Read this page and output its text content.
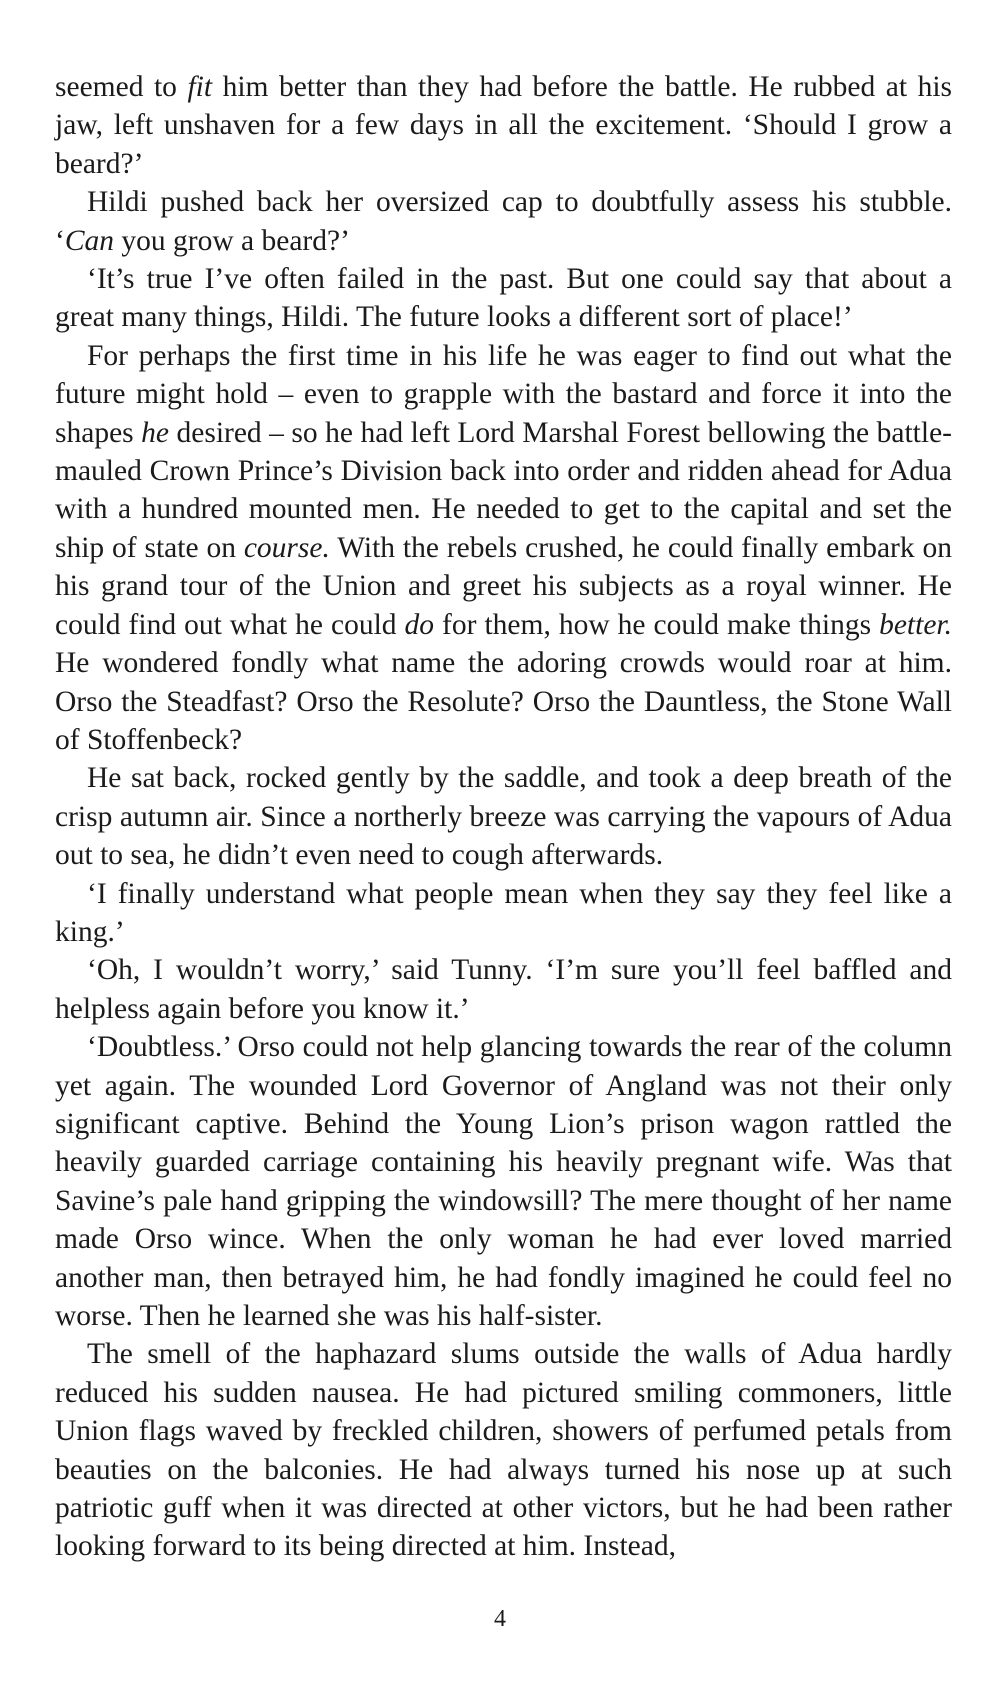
seemed to fit him better than they had before the battle. He rubbed at his jaw, left unshaven for a few days in all the excitement. ‘Should I grow a beard?’

Hildi pushed back her oversized cap to doubtfully assess his stubble. ‘Can you grow a beard?’

‘It’s true I’ve often failed in the past. But one could say that about a great many things, Hildi. The future looks a different sort of place!’

For perhaps the first time in his life he was eager to find out what the future might hold – even to grapple with the bastard and force it into the shapes he desired – so he had left Lord Marshal Forest bellowing the battle-mauled Crown Prince’s Division back into order and ridden ahead for Adua with a hundred mounted men. He needed to get to the capital and set the ship of state on course. With the rebels crushed, he could finally embark on his grand tour of the Union and greet his subjects as a royal winner. He could find out what he could do for them, how he could make things better. He wondered fondly what name the adoring crowds would roar at him. Orso the Steadfast? Orso the Resolute? Orso the Dauntless, the Stone Wall of Stoffenbeck?

He sat back, rocked gently by the saddle, and took a deep breath of the crisp autumn air. Since a northerly breeze was carrying the vapours of Adua out to sea, he didn’t even need to cough afterwards.

‘I finally understand what people mean when they say they feel like a king.’

‘Oh, I wouldn’t worry,’ said Tunny. ‘I’m sure you’ll feel baffled and helpless again before you know it.’

‘Doubtless.’ Orso could not help glancing towards the rear of the column yet again. The wounded Lord Governor of Angland was not their only significant captive. Behind the Young Lion’s prison wagon rattled the heavily guarded carriage containing his heavily pregnant wife. Was that Savine’s pale hand gripping the windowsill? The mere thought of her name made Orso wince. When the only woman he had ever loved married another man, then betrayed him, he had fondly imagined he could feel no worse. Then he learned she was his half-sister.

The smell of the haphazard slums outside the walls of Adua hardly reduced his sudden nausea. He had pictured smiling commoners, little Union flags waved by freckled children, showers of perfumed petals from beauties on the balconies. He had always turned his nose up at such patriotic guff when it was directed at other victors, but he had been rather looking forward to its being directed at him. Instead,

4
